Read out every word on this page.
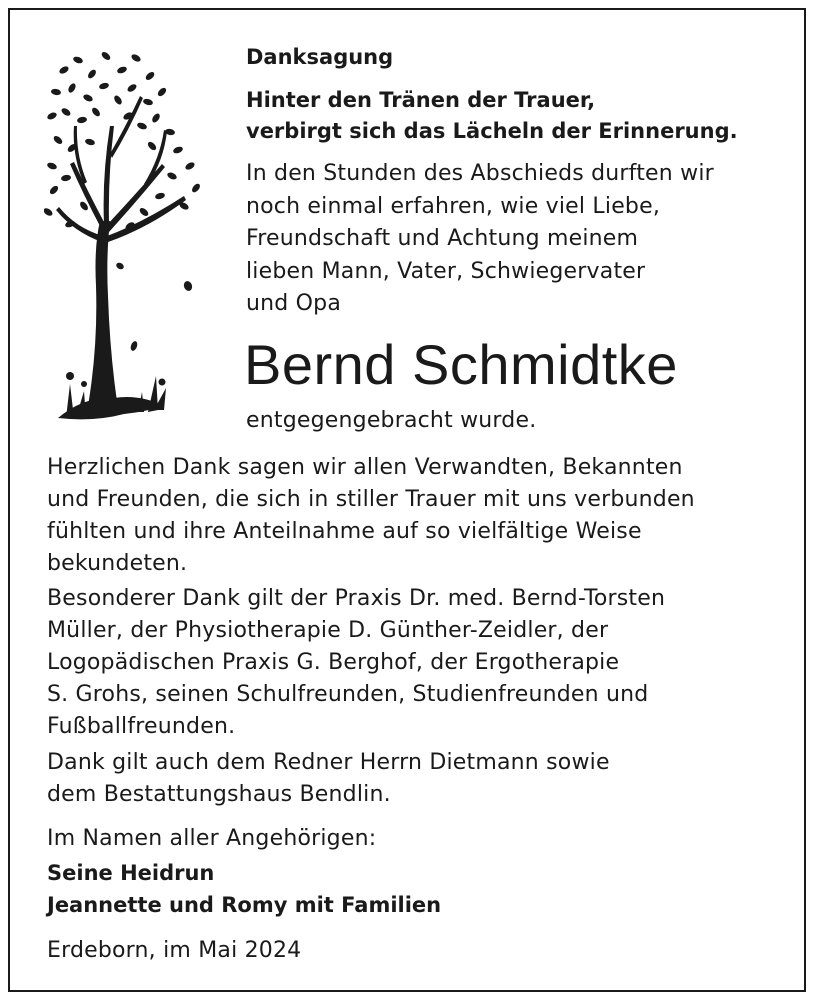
Danksagung

Hinter den Tränen der Trauer,

verbirgt sich das Lächeln der Erinnerung.

In den Stunden des Abschieds durften wir

noch einmal erfahren, wie viel Liebe,

Freundschaft und Achtung meinem

lieben Mann, Vater, Schwiegervater

und Opa

Bernd Schmidtke

entgegengebracht wurde.

Herzlichen Dank sagen wir allen Verwandten, Bekannten

und Freunden, die sich in stiller Trauer mit uns verbunden

fühlten und ihre Anteilnahme auf so vielfältige Weise

bekundeten.

Besonderer Dank gilt der Praxis Dr. med. Bernd-Torsten

Müller, der Physiotherapie D. Günther-Zeidler, der

Logopädischen Praxis G. Berghof, der Ergotherapie

S. Grohs, seinen Schulfreunden, Studienfreunden und

Fußballfreunden.

Dank gilt auch dem Redner Herrn Dietmann sowie

dem Bestattungshaus Bendlin.

Im Namen aller Angehörigen:

Seine Heidrun

Jeannette und Romy mit Familien

Erdeborn, im Mai 2024
